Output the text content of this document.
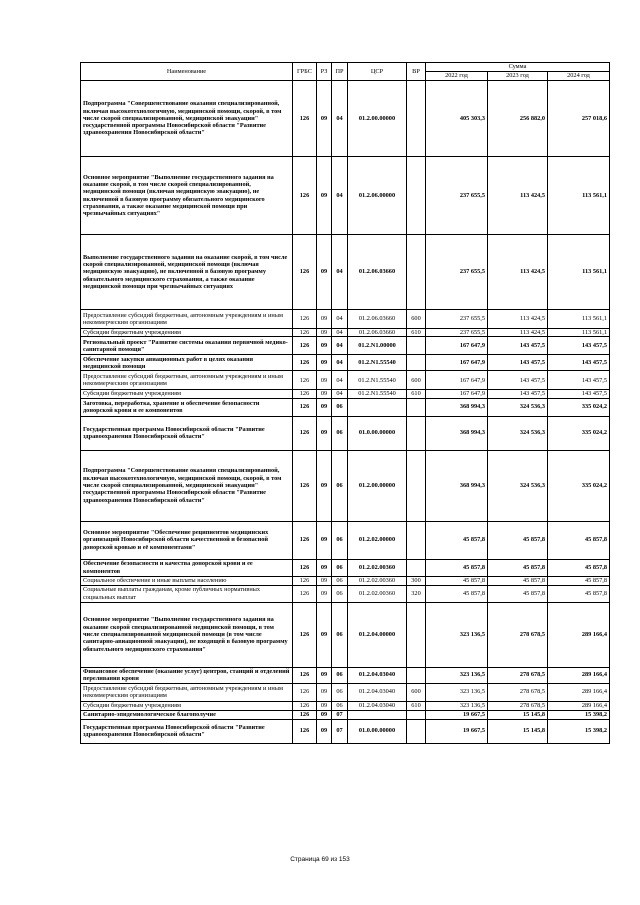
Наименование	ГРБС	РЗ	ПР	ЦСР	ВР	Сумма		
						2022 год	2023 год	2024 год
Подпрограмма "Совершенствование оказания специализированной, включая высокотехнологичную, медицинской помощи, скорой, в том числе скорой специализированной, медицинской эвакуации" государственной программы Новосибирской области "Развитие здравоохранения Новосибирской области"	126	09	04	01.2.00.00000		405 303,3	256 882,0	257 018,6
Основное мероприятие "Выполнение государственного задания на оказание скорой, в том числе скорой специализированной, медицинской помощи (включая медицинскую эвакуацию), не включенной в базовую программу обязательного медицинского страхования, а также оказание медицинской помощи при чрезвычайных ситуациях"	126	09	04	01.2.06.00000		237 655,5	113 424,5	113 561,1
Выполнение государственного задания на оказание скорой, в том числе скорой специализированной, медицинской помощи (включая медицинскую эвакуацию), не включенной в базовую программу обязательного медицинского страхования, а также оказание медицинской помощи при чрезвычайных ситуациях	126	09	04	01.2.06.03660		237 655,5	113 424,5	113 561,1
Предоставление субсидий бюджетным, автономным учреждениям и иным некоммерческим организациям	126	09	04	01.2.06.03660	600	237 655,5	113 424,5	113 561,1
Субсидии бюджетным учреждениям	126	09	04	01.2.06.03660	610	237 655,5	113 424,5	113 561,1
Региональный проект "Развитие системы оказания первичной медико-санитарной помощи"	126	09	04	01.2.N1.00000		167 647,9	143 457,5	143 457,5
Обеспечение закупки авиационных работ в целях оказания медицинской помощи	126	09	04	01.2.N1.55540		167 647,9	143 457,5	143 457,5
Предоставление субсидий бюджетным, автономным учреждениям и иным некоммерческим организациям	126	09	04	01.2.N1.55540	600	167 647,9	143 457,5	143 457,5
Субсидии бюджетным учреждениям	126	09	04	01.2.N1.55540	610	167 647,9	143 457,5	143 457,5
Заготовка, переработка, хранение и обеспечение безопасности донорской крови и ее компонентов	126	09	06			368 994,3	324 536,3	335 024,2
Государственная программа Новосибирской области "Развитие здравоохранения Новосибирской области"	126	09	06	01.0.00.00000		368 994,3	324 536,3	335 024,2
Подпрограмма "Совершенствование оказания специализированной, включая высокотехнологичную, медицинской помощи, скорой, в том числе скорой специализированной, медицинской эвакуации" государственной программы Новосибирской области "Развитие здравоохранения Новосибирской области"	126	09	06	01.2.00.00000		368 994,3	324 536,3	335 024,2
Основное мероприятие "Обеспечение реципиентов медицинских организаций Новосибирской области качественной и безопасной донорской кровью и её компонентами"	126	09	06	01.2.02.00000		45 857,8	45 857,8	45 857,8
Обеспечение безопасности и качества донорской крови и ее компонентов	126	09	06	01.2.02.00360		45 857,8	45 857,8	45 857,8
Социальное обеспечение и иные выплаты населению	126	09	06	01.2.02.00360	300	45 857,8	45 857,8	45 857,8
Социальные выплаты гражданам, кроме публичных нормативных социальных выплат	126	09	06	01.2.02.00360	320	45 857,8	45 857,8	45 857,8
Основное мероприятие "Выполнение государственного задания на оказание скорой специализированной медицинской помощи, в том числе специализированной медицинской помощи (в том числе санитарно-авиационной эвакуации), не входящей в базовую программу обязательного медицинского страхования"	126	09	06	01.2.04.00000		323 136,5	278 678,5	289 166,4
Финансовое обеспечение (оказание услуг) центров, станций и отделений переливания крови	126	09	06	01.2.04.03040		323 136,5	278 678,5	289 166,4
Предоставление субсидий бюджетным, автономным учреждениям и иным некоммерческим организациям	126	09	06	01.2.04.03040	600	323 136,5	278 678,5	289 166,4
Субсидии бюджетным учреждениям	126	09	06	01.2.04.03040	610	323 136,5	278 678,5	289 166,4
Санитарно-эпидемиологическое благополучие	126	09	07			19 667,5	15 145,8	15 398,2
Государственная программа Новосибирской области "Развитие здравоохранения Новосибирской области"	126	09	07	01.0.00.00000		19 667,5	15 145,8	15 398,2
Страница 69 из 153
